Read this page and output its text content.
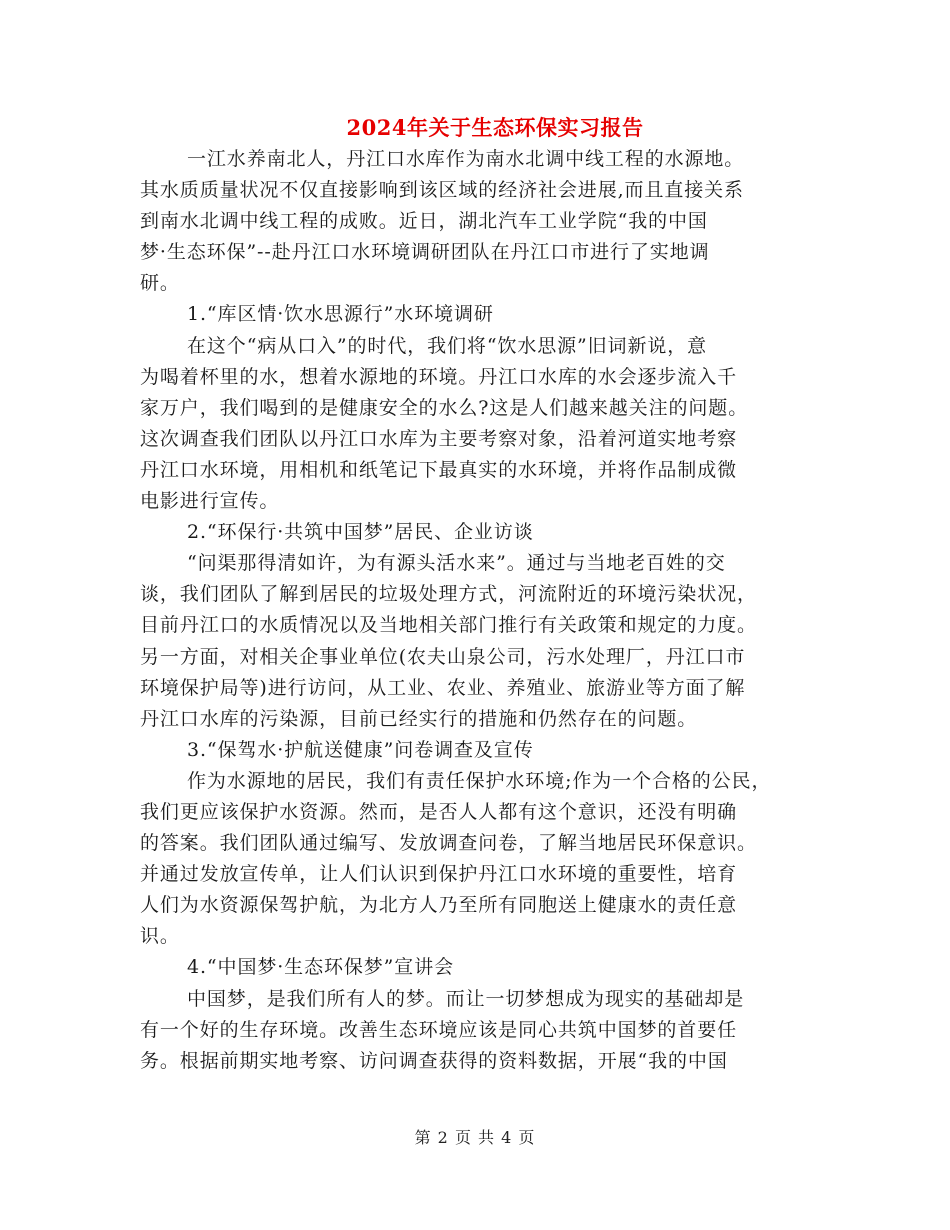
2024年关于生态环保实习报告
一江水养南北人，丹江口水库作为南水北调中线工程的水源地。
其水质质量状况不仅直接影响到该区域的经济社会进展,而且直接关系
到南水北调中线工程的成败。近日，湖北汽车工业学院“我的中国
梦·生态环保”--赴丹江口水环境调研团队在丹江口市进行了实地调
研。
1.“库区情·饮水思源行”水环境调研
在这个“病从口入”的时代，我们将“饮水思源”旧词新说，意
为喝着杯里的水，想着水源地的环境。丹江口水库的水会逐步流入千
家万户，我们喝到的是健康安全的水么?这是人们越来越关注的问题。
这次调查我们团队以丹江口水库为主要考察对象，沿着河道实地考察
丹江口水环境，用相机和纸笔记下最真实的水环境，并将作品制成微
电影进行宣传。
2.“环保行·共筑中国梦”居民、企业访谈
“问渠那得清如许，为有源头活水来”。通过与当地老百姓的交
谈，我们团队了解到居民的垃圾处理方式，河流附近的环境污染状况，
目前丹江口的水质情况以及当地相关部门推行有关政策和规定的力度。
另一方面，对相关企事业单位(农夫山泉公司，污水处理厂，丹江口市
环境保护局等)进行访问，从工业、农业、养殖业、旅游业等方面了解
丹江口水库的污染源，目前已经实行的措施和仍然存在的问题。
3.“保驾水·护航送健康”问卷调查及宣传
作为水源地的居民，我们有责任保护水环境;作为一个合格的公民，
我们更应该保护水资源。然而，是否人人都有这个意识，还没有明确
的答案。我们团队通过编写、发放调查问卷，了解当地居民环保意识。
并通过发放宣传单，让人们认识到保护丹江口水环境的重要性，培育
人们为水资源保驾护航，为北方人乃至所有同胞送上健康水的责任意
识。
4.“中国梦·生态环保梦”宣讲会
中国梦，是我们所有人的梦。而让一切梦想成为现实的基础却是
有一个好的生存环境。改善生态环境应该是同心共筑中国梦的首要任
务。根据前期实地考察、访问调查获得的资料数据，开展“我的中国
第 2 页 共 4 页
